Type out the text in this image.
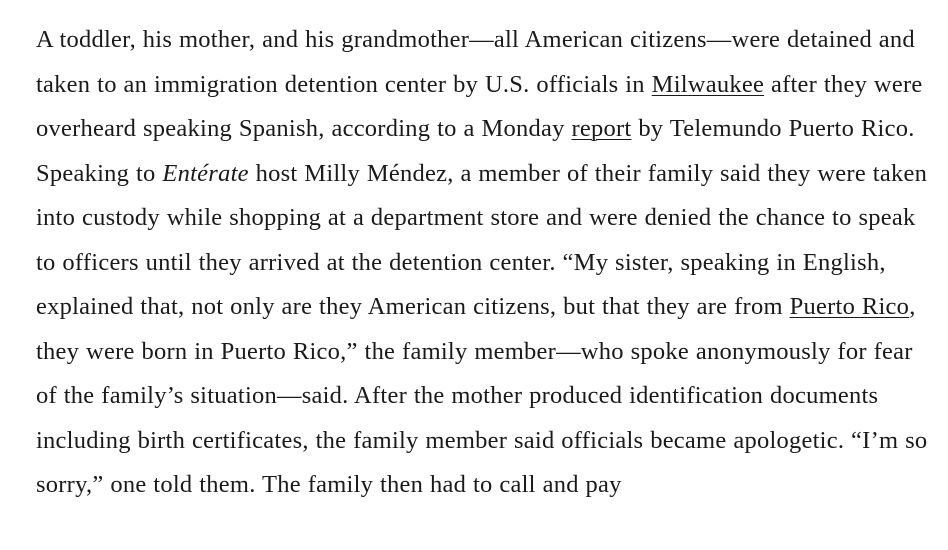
A toddler, his mother, and his grandmother—all American citizens—were detained and taken to an immigration detention center by U.S. officials in Milwaukee after they were overheard speaking Spanish, according to a Monday report by Telemundo Puerto Rico. Speaking to Entérate host Milly Méndez, a member of their family said they were taken into custody while shopping at a department store and were denied the chance to speak to officers until they arrived at the detention center. “My sister, speaking in English, explained that, not only are they American citizens, but that they are from Puerto Rico, they were born in Puerto Rico,” the family member—who spoke anonymously for fear of the family’s situation—said. After the mother produced identification documents including birth certificates, the family member said officials became apologetic. “I’m so sorry,” one told them. The family then had to call and pay
